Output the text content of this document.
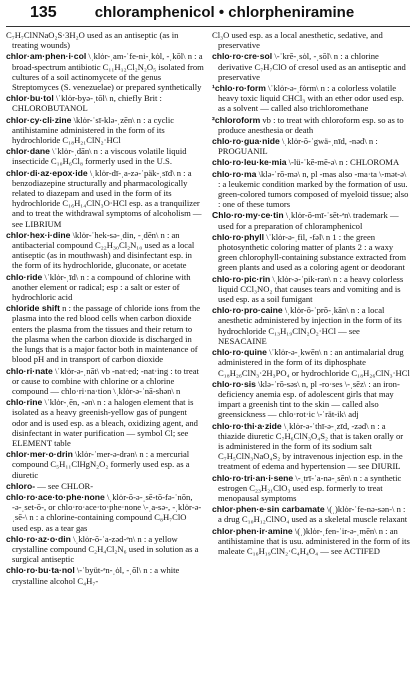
135	chloramphenicol • chlorpheniramine

C₇H₇ClNNaO₂S·3H₂O used as an antiseptic (as in treating wounds)

chlor·am·phen·i·col \ˌklȯr-ˌam-ˈfe-ni-ˌkȯl, -ˌkōl\ n : a broad-spectrum antibiotic C₁₁H₁₂Cl₂N₂O₅ isolated from cultures of a soil actinomycete of the genus Streptomyces (S. venezuelae) or prepared synthetically

chlor·bu·tol \ˈklȯr-byə-ˌtōl\ n, chiefly Brit : CHLOROBUTANOL

chlor·cy·cli·zine \klȯr-ˈsī-klə-ˌzēn\ n : a cyclic antihistamine administered in the form of its hydrochloride C₁₈H₂₁ClN₂·HCl

chlor·dane \ˈklȯr-ˌdān\ n : a viscous volatile liquid insecticide C₁₀H₆Cl₈ formerly used in the U.S.

chlor·di·az·epox·ide \ˌklȯr-dī-ˌa-zə-ˈpäk-ˌsīd\ n : a benzodiazepine structurally and pharmacologically related to diazepam and used in the form of its hydrochloride C₁₆H₁₄ClN₃O·HCl esp. as a tranquilizer and to treat the withdrawal symptoms of alcoholism — see LIBRIUM

chlor·hex·i·dine \klȯr-ˈhek-sə-ˌdin, -ˌdēn\ n : an antibacterial compound C₂₂H₃₀Cl₂N₁₀ used as a local antiseptic (as in mouthwash) and disinfectant esp. in the form of its hydrochloride, gluconate, or acetate

chlo·ride \ˈklȯr-ˌīd\ n : a compound of chlorine with another element or radical; esp : a salt or ester of hydrochloric acid

chloride shift n : the passage of chloride ions from the plasma into the red blood cells when carbon dioxide enters the plasma from the tissues and their return to the plasma when the carbon dioxide is discharged in the lungs that is a major factor both in maintenance of blood pH and in transport of carbon dioxide

chlo·ri·nate \ˈklȯr-ə-ˌnāt\ vb -nat·ed; -nat·ing : to treat or cause to combine with chlorine or a chlorine compound — chlo·ri·na·tion \ˌklȯr-ə-ˈnā-shən\ n

chlo·rine \ˈklȯr-ˌēn, -ən\ n : a halogen element that is isolated as a heavy greenish-yellow gas of pungent odor and is used esp. as a bleach, oxidizing agent, and disinfectant in water purification — symbol Cl; see ELEMENT table

chlor·mer·o·drin \klȯr-ˈmer-ə-drən\ n : a mercurial compound C₅H₁₁ClHgN₂O₂ formerly used esp. as a diuretic

chloro- — see CHLOR-

chlo·ro·ace·to·phe·none \ˌklȯr-ō-ə-ˌsē-tō-fə-ˈnōn, -ə-ˌset-ō-, or chlo·ro·ace·to·phe·none \-ˌa-sə-, -ˌklȯr-ə-ˌsē-\ n : a chlorine-containing compound C₈H₇ClO used esp. as a tear gas

chlo·ro·az·o·din \ˌklȯr-ō-ˈa-zəd-ᵊn\ n : a yellow crystalline compound C₂H₄Cl₂N₆ used in solution as a surgical antiseptic

chlo·ro·bu·ta·nol \-ˈbyüt-ᵊn-ˌȯl, -ˌōl\ n : a white crystalline alcohol C₄H₇-

Cl₃O used esp. as a local anesthetic, sedative, and preservative

chlo·ro·cre·sol \-ˈkrē-ˌsȯl, -ˌsōl\ n : a chlorine derivative C₇H₇ClO of cresol used as an antiseptic and preservative

¹chlo·ro·form \ˈklȯr-ə-ˌfȯrm\ n : a colorless volatile heavy toxic liquid CHCl₃ with an ether odor used esp. as a solvent — called also trichloromethane

²chloroform vb : to treat with chloroform esp. so as to produce anesthesia or death

chlo·ro·gua·nide \ˌklȯr-ō-ˈgwä-ˌnīd, -nəd\ n : PROGUANIL

chlo·ro·leu·ke·mia \-lü-ˈkē-mē-ə\ n : CHLOROMA

chlo·ro·ma \klə-ˈrō-mə\ n, pl -mas also -ma·ta \-mət-ə\ : a leukemic condition marked by the formation of usu. green-colored tumors composed of myeloid tissue; also : one of these tumors

Chlo·ro·my·ce·tin \ˌklȯr-ō-mī-ˈsēt-ᵊn\ trademark — used for a preparation of chloramphenicol

chlo·ro·phyll \ˈklȯr-ə-ˌfil, -fəl\ n 1 : the green photosynthetic coloring matter of plants 2 : a waxy green chlorophyll-containing substance extracted from green plants and used as a coloring agent or deodorant

chlo·ro·pic·rin \ˌklȯr-ə-ˈpik-rən\ n : a heavy colorless liquid CCl₃NO₂ that causes tears and vomiting and is used esp. as a soil fumigant

chlo·ro·pro·caine \ˌklȯr-ō-ˈprō-ˌkān\ n : a local anesthetic administered by injection in the form of its hydrochloride C₁₃H₁₉ClN₂O₂·HCl — see NESACAINE

chlo·ro·quine \ˈklȯr-ə-ˌkwēn\ n : an antimalarial drug administered in the form of its diphosphate C₁₈H₂₆ClN₃·2H₃PO₄ or hydrochloride C₁₈H₂₆ClN₃·HCl

chlo·ro·sis \klə-ˈrō-səs\ n, pl -ro·ses \-ˌsēz\ : an iron-deficiency anemia esp. of adolescent girls that may impart a greenish tint to the skin — called also greensickness — chlo·rot·ic \-ˈrät-ik\ adj

chlo·ro·thi·a·zide \ˌklȯr-ə-ˈthī-ə-ˌzīd, -zəd\ n : a thiazide diuretic C₇H₆ClN₃O₄S₂ that is taken orally or is administered in the form of its sodium salt C₇H₅ClN₃NaO₄S₂ by intravenous injection esp. in the treatment of edema and hypertension — see DIURIL

chlo·ro·tri·an·i·sene \-ˌtrī-ˈa-nə-ˌsēn\ n : a synthetic estrogen C₂₃H₂₁ClO₃ used esp. formerly to treat menopausal symptoms

chlor·phen·e·sin carbamate \(ˌ)klȯr-ˈfe-nə-sən-\ n : a drug C₁₀H₁₂ClNO₄ used as a skeletal muscle relaxant

chlor·phen·ir·amine \(ˌ)klȯr-ˌfen-ˈir-ə-ˌmēn\ n : an antihistamine that is usu. administered in the form of its maleate C₁₆H₁₉ClN₂·C₄H₄O₄ — see ACTIFED
